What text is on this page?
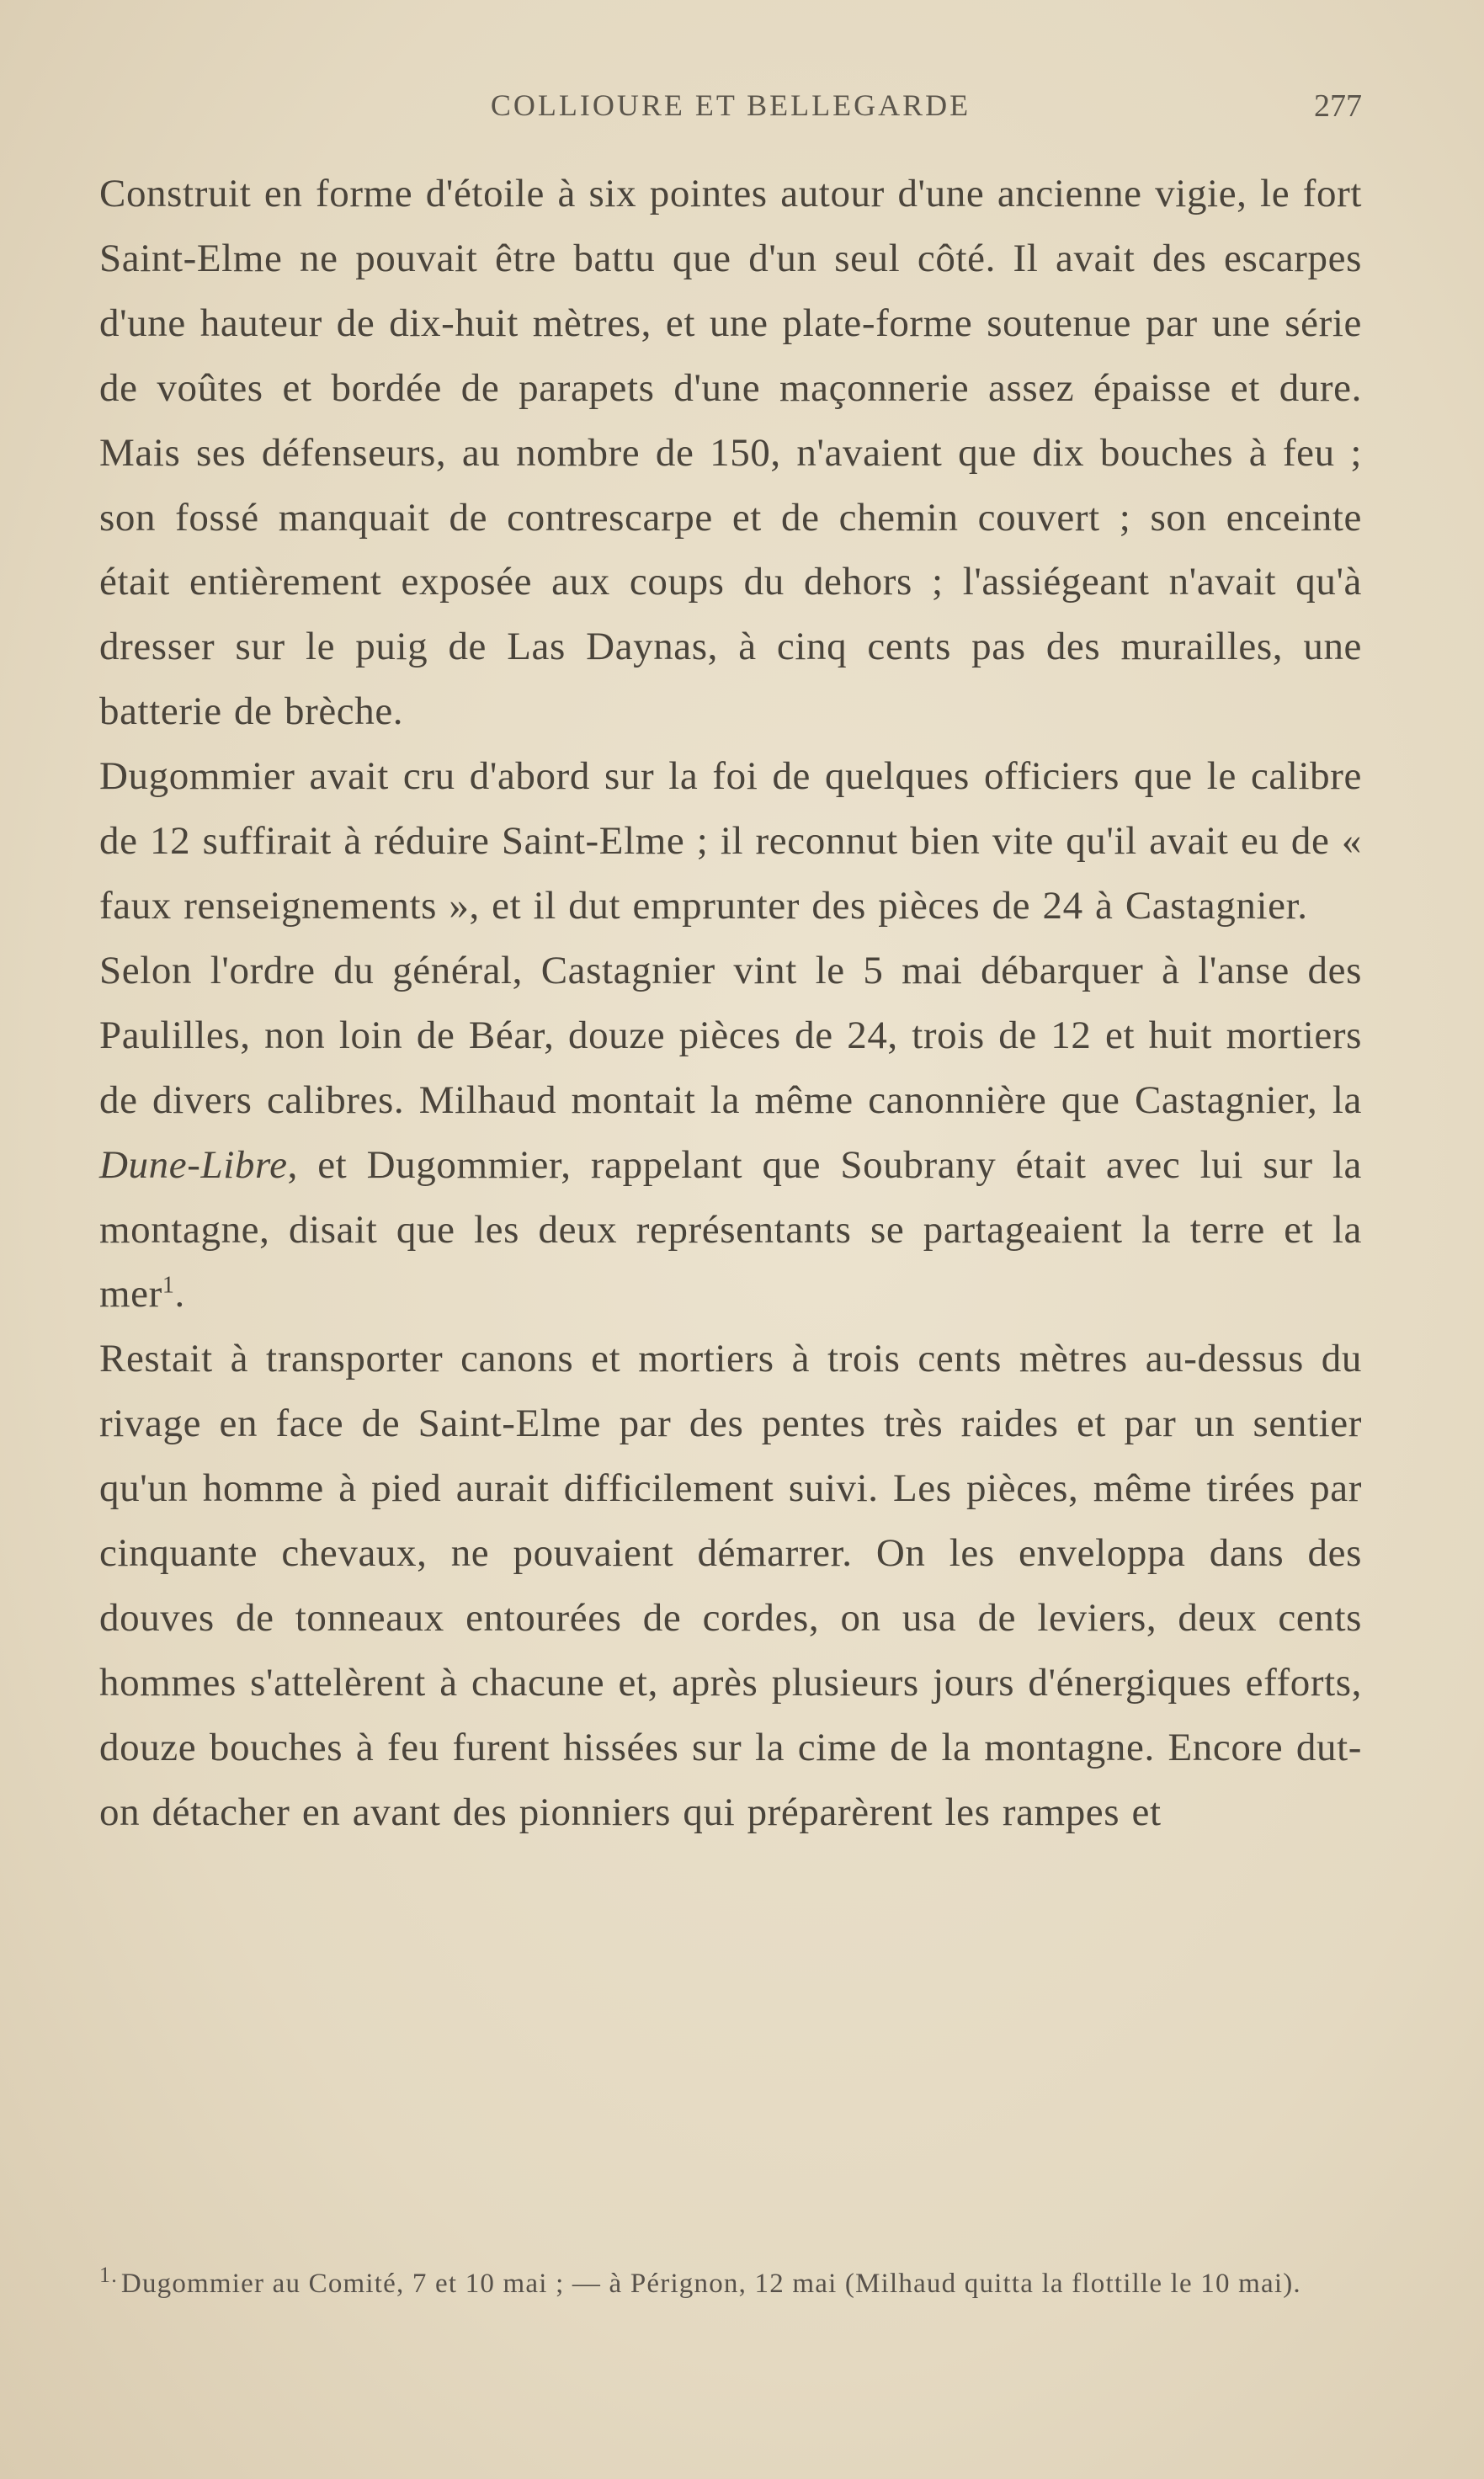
COLLIOURE ET BELLEGARDE	277

Construit en forme d'étoile à six pointes autour d'une ancienne vigie, le fort Saint-Elme ne pouvait être battu que d'un seul côté. Il avait des escarpes d'une hauteur de dix-huit mètres, et une plate-forme soutenue par une série de voûtes et bordée de parapets d'une maçonnerie assez épaisse et dure. Mais ses défenseurs, au nombre de 150, n'avaient que dix bouches à feu ; son fossé manquait de contrescarpe et de chemin couvert ; son enceinte était entièrement exposée aux coups du dehors ; l'assiégeant n'avait qu'à dresser sur le puig de Las Daynas, à cinq cents pas des murailles, une batterie de brèche.

Dugommier avait cru d'abord sur la foi de quelques officiers que le calibre de 12 suffirait à réduire Saint-Elme ; il reconnut bien vite qu'il avait eu de « faux renseignements », et il dut emprunter des pièces de 24 à Castagnier.

Selon l'ordre du général, Castagnier vint le 5 mai débarquer à l'anse des Paulilles, non loin de Béar, douze pièces de 24, trois de 12 et huit mortiers de divers calibres. Milhaud montait la même canonnière que Castagnier, la Dune-Libre, et Dugommier, rappelant que Soubrany était avec lui sur la montagne, disait que les deux représentants se partageaient la terre et la mer$^1$.

Restait à transporter canons et mortiers à trois cents mètres au-dessus du rivage en face de Saint-Elme par des pentes très raides et par un sentier qu'un homme à pied aurait difficilement suivi. Les pièces, même tirées par cinquante chevaux, ne pouvaient démarrer. On les enveloppa dans des douves de tonneaux entourées de cordes, on usa de leviers, deux cents hommes s'attelèrent à chacune et, après plusieurs jours d'énergiques efforts, douze bouches à feu furent hissées sur la cime de la montagne. Encore dut-on détacher en avant des pionniers qui préparèrent les rampes et

$^{1.}$ Dugommier au Comité, 7 et 10 mai ; — à Pérignon, 12 mai (Milhaud quitta la flottille le 10 mai).
